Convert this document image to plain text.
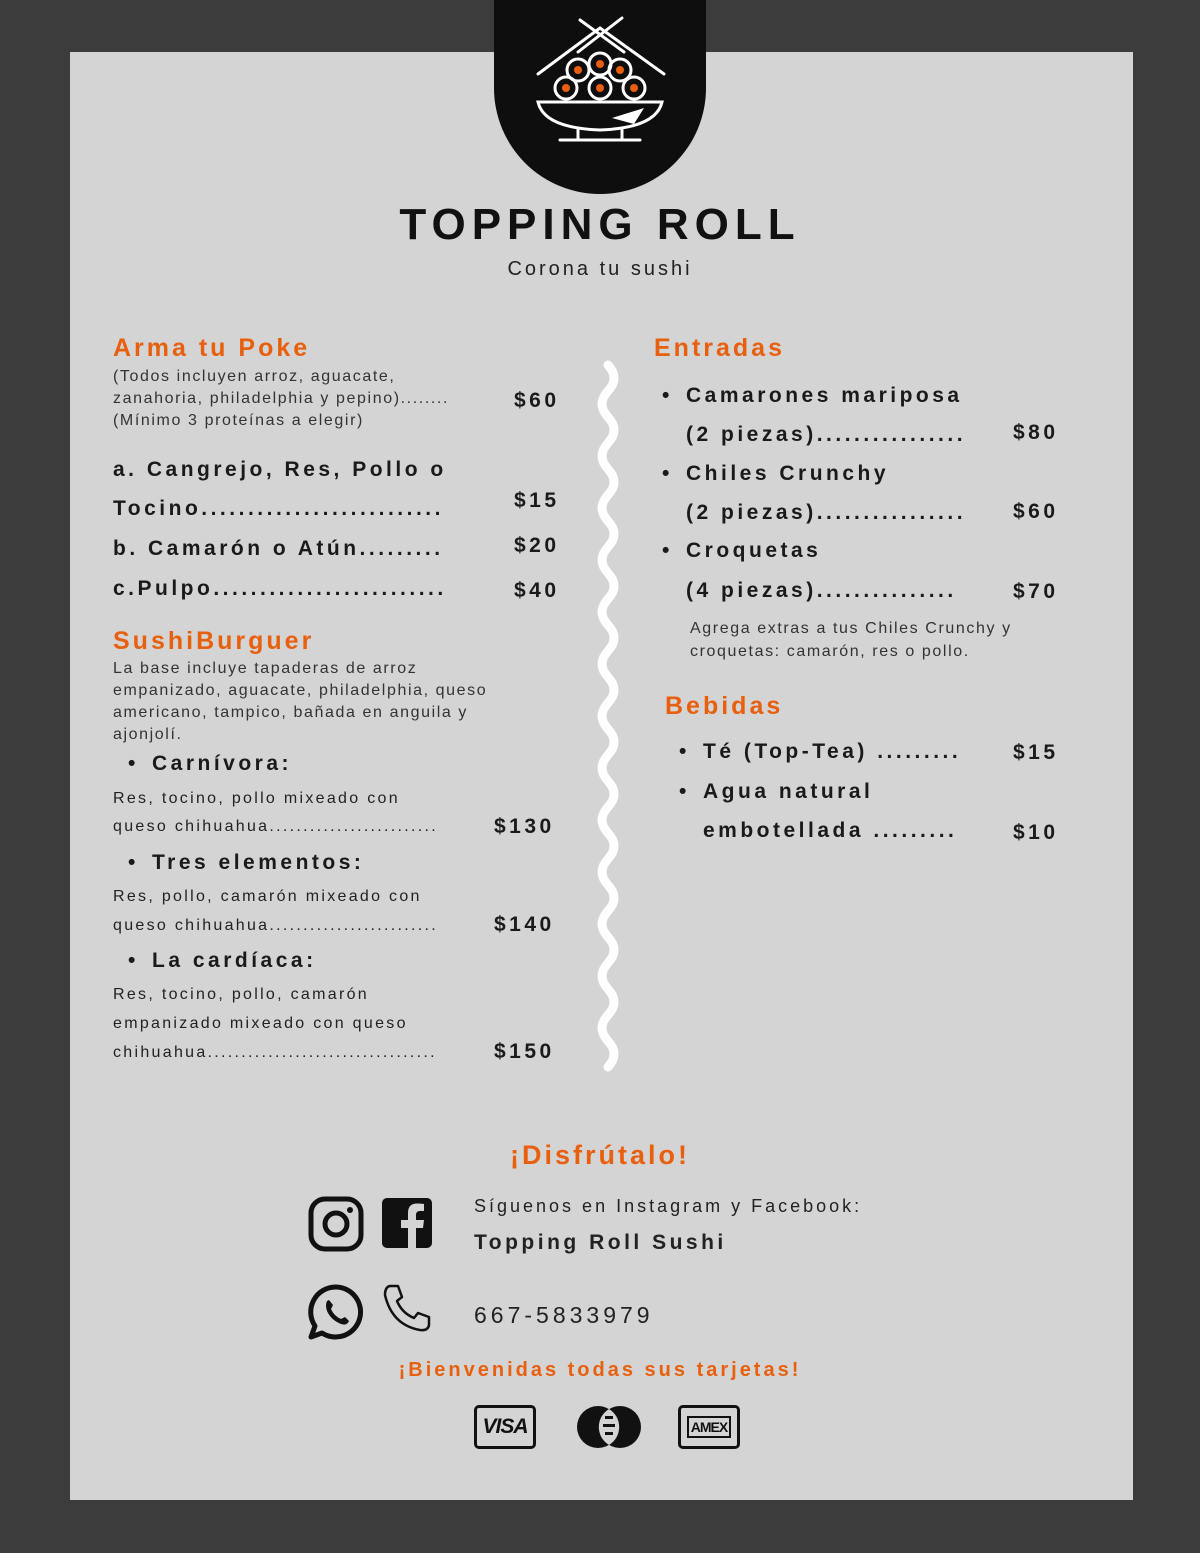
TOPPING ROLL
Corona tu sushi
Arma tu Poke
(Todos incluyen arroz, aguacate,
zanahoria, philadelphia y pepino)........
(Mínimo 3 proteínas a elegir)
$60
a. Cangrejo, Res, Pollo o
Tocino..........................	$15
b. Camarón o Atún.........	$20
c.Pulpo.........................	$40
SushiBurguer
La base incluye tapaderas de arroz
empanizado, aguacate, philadelphia, queso
americano, tampico, bañada en anguila y
ajonjolí.
• Carnívora:
Res, tocino, pollo mixeado con
queso chihuahua.........................	$130
• Tres elementos:
Res, pollo, camarón mixeado con
queso chihuahua.........................	$140
• La cardíaca:
Res, tocino, pollo, camarón
empanizado mixeado con queso
chihuahua..................................	$150
Entradas
• Camarones mariposa
(2 piezas)................ $80
• Chiles Crunchy
(2 piezas)................ $60
• Croquetas
(4 piezas)...............	$70
Agrega extras a tus Chiles Crunchy y
croquetas: camarón, res o pollo.
Bebidas
• Té (Top-Tea) ......... $15
• Agua natural
embotellada .........	$10
¡Disfrútalo!
Síguenos en Instagram y Facebook:
Topping Roll Sushi
667-5833979
¡Bienvenidas todas sus tarjetas!
VISA	AMEX
